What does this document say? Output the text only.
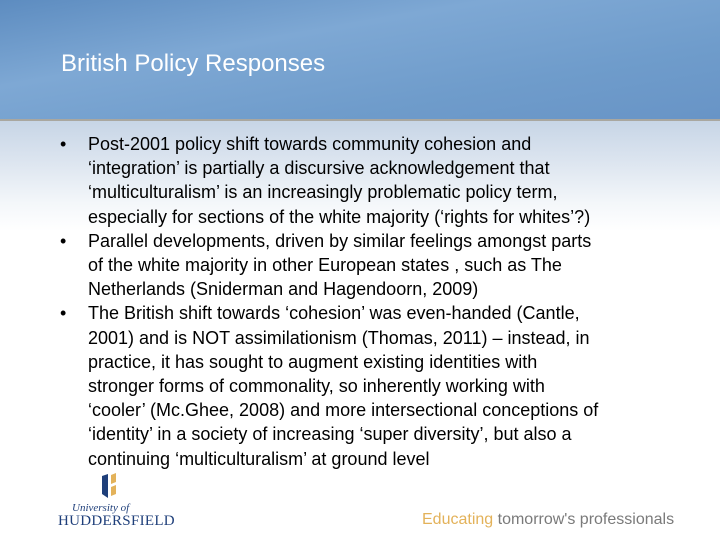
British Policy Responses
•	Post-2001 policy shift towards community cohesion and
‘integration’ is partially a discursive acknowledgement that
‘multiculturalism’ is an increasingly problematic policy term,
especially for sections of the white majority (‘rights for whites’?)
•	Parallel developments, driven by similar feelings amongst parts
of the white majority in other European states , such as The
Netherlands (Sniderman and Hagendoorn, 2009)
•	The British shift towards ‘cohesion’ was even-handed (Cantle,
2001) and is NOT assimilationism (Thomas, 2011) – instead, in
practice, it has sought to augment existing identities with
stronger forms of commonality, so inherently working with
‘cooler’ (Mc.Ghee, 2008) and more intersectional conceptions of
‘identity’ in a society of increasing ‘super diversity’, but also a
continuing ‘multiculturalism’ at ground level
University of
HUDDERSFIELD	Educating tomorrow's professionals
